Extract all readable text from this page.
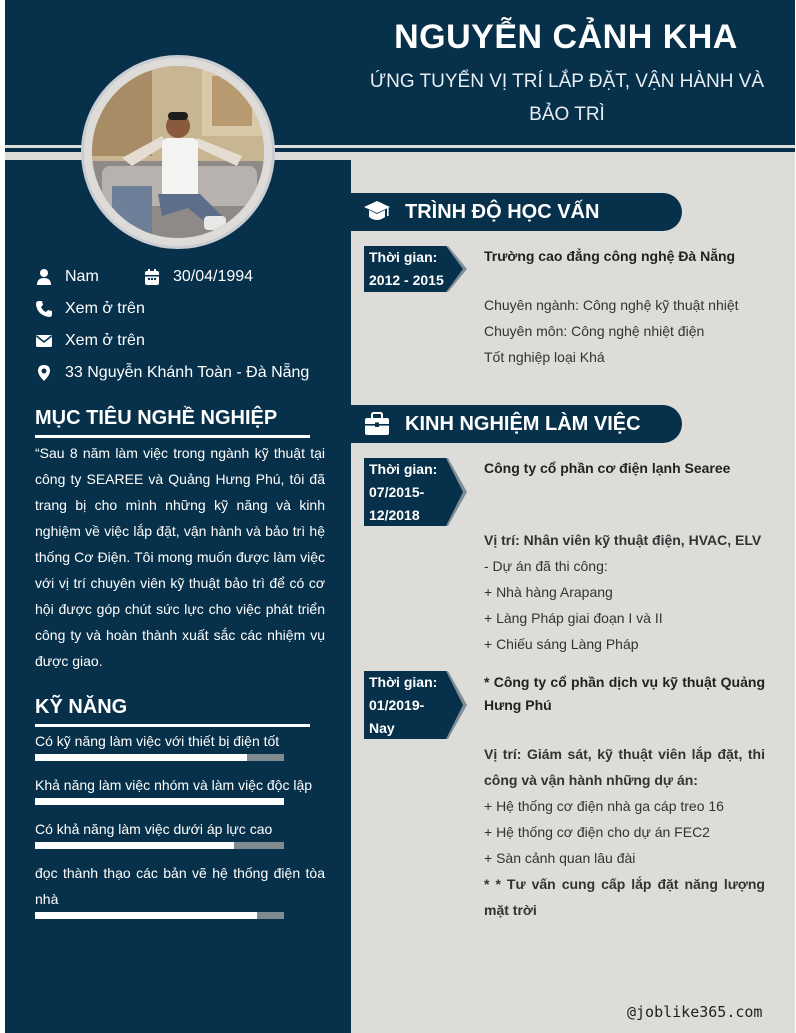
NGUYỄN CẢNH KHA
ỨNG TUYỂN VỊ TRÍ LẮP ĐẶT, VẬN HÀNH VÀ
BẢO TRÌ
Nam	30/04/1994
Xem ở trên
Xem ở trên
33 Nguyễn Khánh Toàn - Đà Nẵng
MỤC TIÊU NGHỀ NGHIỆP
“Sau 8 năm làm việc trong ngành kỹ thuật tại công ty SEAREE và Quảng Hưng Phú, tôi đã trang bị cho mình những kỹ năng và kinh nghiệm về việc lắp đặt, vận hành và bảo trì hệ thống Cơ Điện. Tôi mong muốn được làm việc với vị trí chuyên viên kỹ thuật bảo trì để có cơ hội được góp chút sức lực cho việc phát triển công ty và hoàn thành xuất sắc các nhiệm vụ được giao.
KỸ NĂNG
Có kỹ năng làm việc với thiết bị điện tốt
Khả năng làm việc nhóm và làm việc độc lập
Có khả năng làm việc dưới áp lực cao
đọc thành thạo các bản vẽ hệ thống điện tòa nhà
TRÌNH ĐỘ HỌC VẤN
Thời gian:
2012 - 2015
Trường cao đẳng công nghệ Đà Nẵng
Chuyên ngành: Công nghệ kỹ thuật nhiệt
Chuyên môn: Công nghệ nhiệt điện
Tốt nghiệp loại Khá
KINH NGHIỆM LÀM VIỆC
Thời gian:
07/2015-
12/2018
Công ty cổ phần cơ điện lạnh Searee
Vị trí: Nhân viên kỹ thuật điện, HVAC, ELV
- Dự án đã thi công:
+ Nhà hàng Arapang
+ Làng Pháp giai đoạn I và II
+ Chiếu sáng Làng Pháp
Thời gian:
01/2019-
Nay
* Công ty cổ phần dịch vụ kỹ thuật Quảng Hưng Phú
Vị trí: Giám sát, kỹ thuật viên lắp đặt, thi công và vận hành những dự án:
+ Hệ thống cơ điện nhà ga cáp treo 16
+ Hệ thống cơ điện cho dự án FEC2
+ Sàn cảnh quan lâu đài
* * Tư vấn cung cấp lắp đặt năng lượng mặt trời
@joblike365.com
